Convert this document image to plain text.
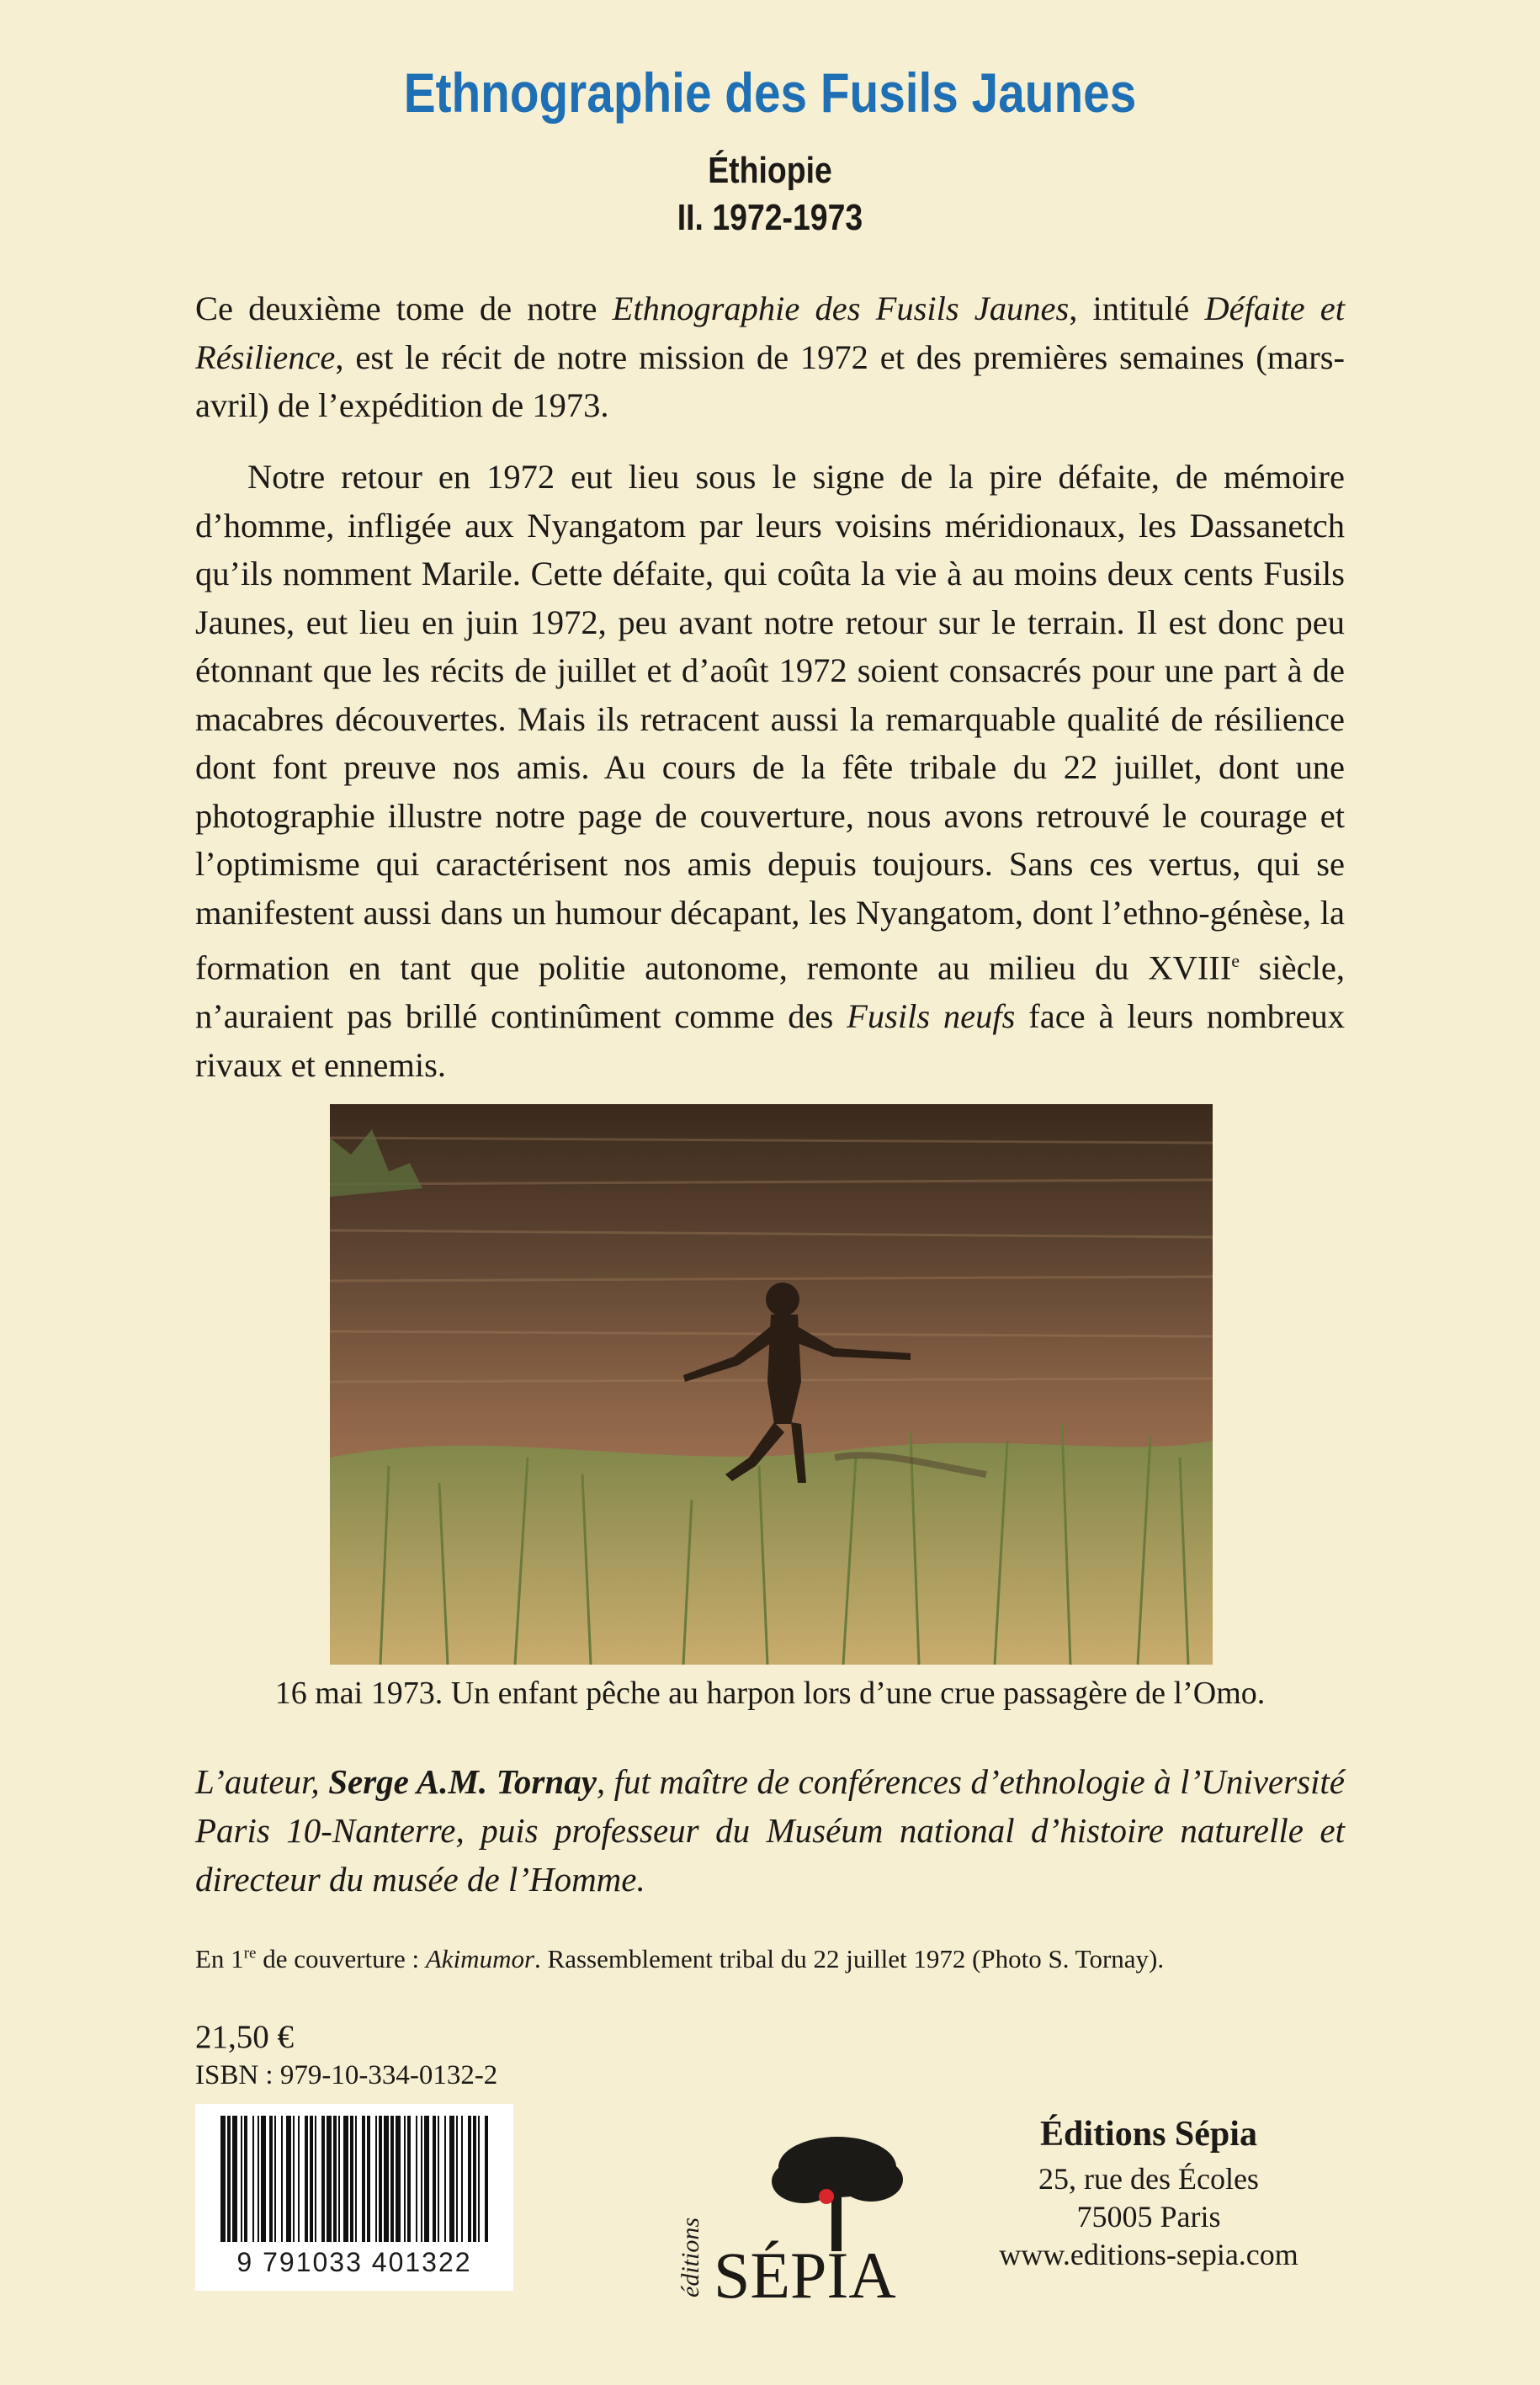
Ethnographie des Fusils Jaunes
Éthiopie
II. 1972-1973

Ce deuxième tome de notre Ethnographie des Fusils Jaunes, intitulé Défaite et Résilience, est le récit de notre mission de 1972 et des premières semaines (mars-avril) de l’expédition de 1973.

Notre retour en 1972 eut lieu sous le signe de la pire défaite, de mémoire d’homme, infligée aux Nyangatom par leurs voisins méridionaux, les Dassanetch qu’ils nomment Marile. Cette défaite, qui coûta la vie à au moins deux cents Fusils Jaunes, eut lieu en juin 1972, peu avant notre retour sur le terrain. Il est donc peu étonnant que les récits de juillet et d’août 1972 soient consacrés pour une part à de macabres découvertes. Mais ils retracent aussi la remarquable qualité de résilience dont font preuve nos amis. Au cours de la fête tribale du 22 juillet, dont une photographie illustre notre page de couverture, nous avons retrouvé le courage et l’optimisme qui caractérisent nos amis depuis toujours. Sans ces vertus, qui se manifestent aussi dans un humour décapant, les Nyangatom, dont l’ethno-génèse, la formation en tant que politie autonome, remonte au milieu du XVIIIe siècle, n’auraient pas brillé continûment comme des Fusils neufs face à leurs nombreux rivaux et ennemis.

16 mai 1973. Un enfant pêche au harpon lors d’une crue passagère de l’Omo.
L’auteur, Serge A.M. Tornay, fut maître de conférences d’ethnologie à l’Université Paris 10-Nanterre, puis professeur du Muséum national d’histoire naturelle et directeur du musée de l’Homme.
En 1re de couverture : Akimumor. Rassemblement tribal du 22 juillet 1972 (Photo S. Tornay).
21,50 €
ISBN : 979-10-334-0132-2
9 791033 401322	éditions SÉPIA
Éditions Sépia
25, rue des Écoles
75005 Paris
www.editions-sepia.com
